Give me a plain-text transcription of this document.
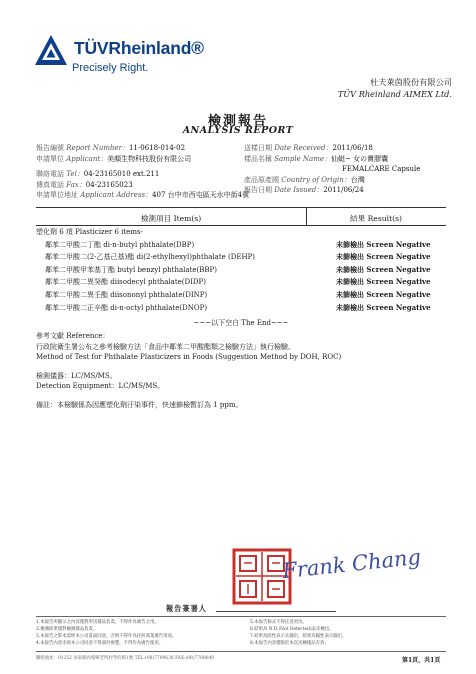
TÜVRheinland®
Precisely Right.
杜夫萊茵股份有限公司
TÜV Rheinland AIMEX Ltd.
檢測報告
ANALYSIS REPORT
報告編號 Report Number：11-0618-014-02
申請單位 Applicant：美顏生物科技股份有限公司
聯絡電話 Tel：04-23165010 ext.211
傳真電話 Fax：04-23165023
申請單位地址 Applicant Address：407 台中市西屯區天水中街4號
送樣日期 Date Received：2011/06/18
樣品名稱 Sample Name：仙蜓~ 女の寶膠囊
FEMALCARE Capsule
產品原產國 Country of Origin：台灣
報告日期 Date Issued：2011/06/24
檢測項目 Item(s)	結果 Result(s)
塑化劑 6 項 Plasticizer 6 items-
鄰苯二甲酸二丁酯 di-n-butyl phthalate(DBP)	未篩檢出 Screen Negative
鄰苯二甲酸二(2-乙基己基)酯 di(2-ethylhexyl)phthalate (DEHP)	未篩檢出 Screen Negative
鄰苯二甲酸甲苯基丁酯 butyl benzyl phthalate(BBP)	未篩檢出 Screen Negative
鄰苯二甲酸二異癸酯 diisodecyl phthalate(DIDP)	未篩檢出 Screen Negative
鄰苯二甲酸二異壬酯 diisononyl phthalate(DINP)	未篩檢出 Screen Negative
鄰苯二甲酸二正辛酯 di-n-octyl phthalate(DNOP)	未篩檢出 Screen Negative
~~~以下空白 The End~~~
參考文獻 Reference：
行政院衛生署公布之參考檢驗方法「食品中鄰苯二甲酸酯類之檢驗方法」執行檢驗。
Method of Test for Phthalate Plasticizers in Foods (Suggestion Method by DOH, ROC)
檢測儀器：LC/MS/MS。
Detection Equipment：LC/MS/MS。
備註：本檢驗係為因應塑化劑汙染事件，快速篩檢暫訂為 1 ppm。
Frank Chang
報告簽署人
1.本報告所顯示之內容僅對所送樣品負責，不得作為廣告之用。
2.檢測結果僅對檢測樣品負責。
3.本報告之影本需經本公司書面同意，否則不得作為任何商業廣告用途。
4.本報告內容未經本公司同意不得部份複製，不得作為廣告使用。
5.本報告格式不得任意更改。
6.結果為 N.D.(Not Detected)表未檢出。
7.結果為陰性表示未篩出，結果為陽性表示篩出。
8.本報告內容僅限於本次送檢樣品有效。
聯絡地址：91252 屏東縣內埔鄉老埤村學府路1號 TEL:(08)7789638 FAX:(08)7789649	第1頁，共1頁
